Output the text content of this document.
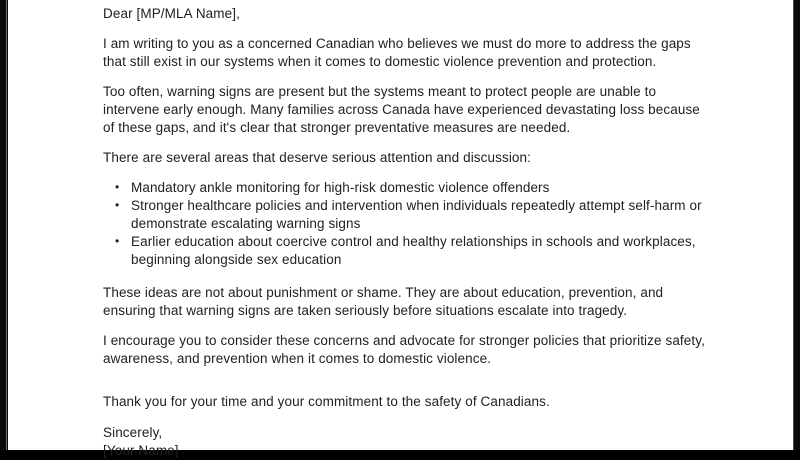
Dear [MP/MLA Name],
I am writing to you as a concerned Canadian who believes we must do more to address the gaps that still exist in our systems when it comes to domestic violence prevention and protection.
Too often, warning signs are present but the systems meant to protect people are unable to intervene early enough. Many families across Canada have experienced devastating loss because of these gaps, and it's clear that stronger preventative measures are needed.
There are several areas that deserve serious attention and discussion:
• Mandatory ankle monitoring for high-risk domestic violence offenders
• Stronger healthcare policies and intervention when individuals repeatedly attempt self-harm or demonstrate escalating warning signs
• Earlier education about coercive control and healthy relationships in schools and workplaces, beginning alongside sex education
These ideas are not about punishment or shame. They are about education, prevention, and ensuring that warning signs are taken seriously before situations escalate into tragedy.
I encourage you to consider these concerns and advocate for stronger policies that prioritize safety, awareness, and prevention when it comes to domestic violence.
Thank you for your time and your commitment to the safety of Canadians.
Sincerely,
[Your Name]
